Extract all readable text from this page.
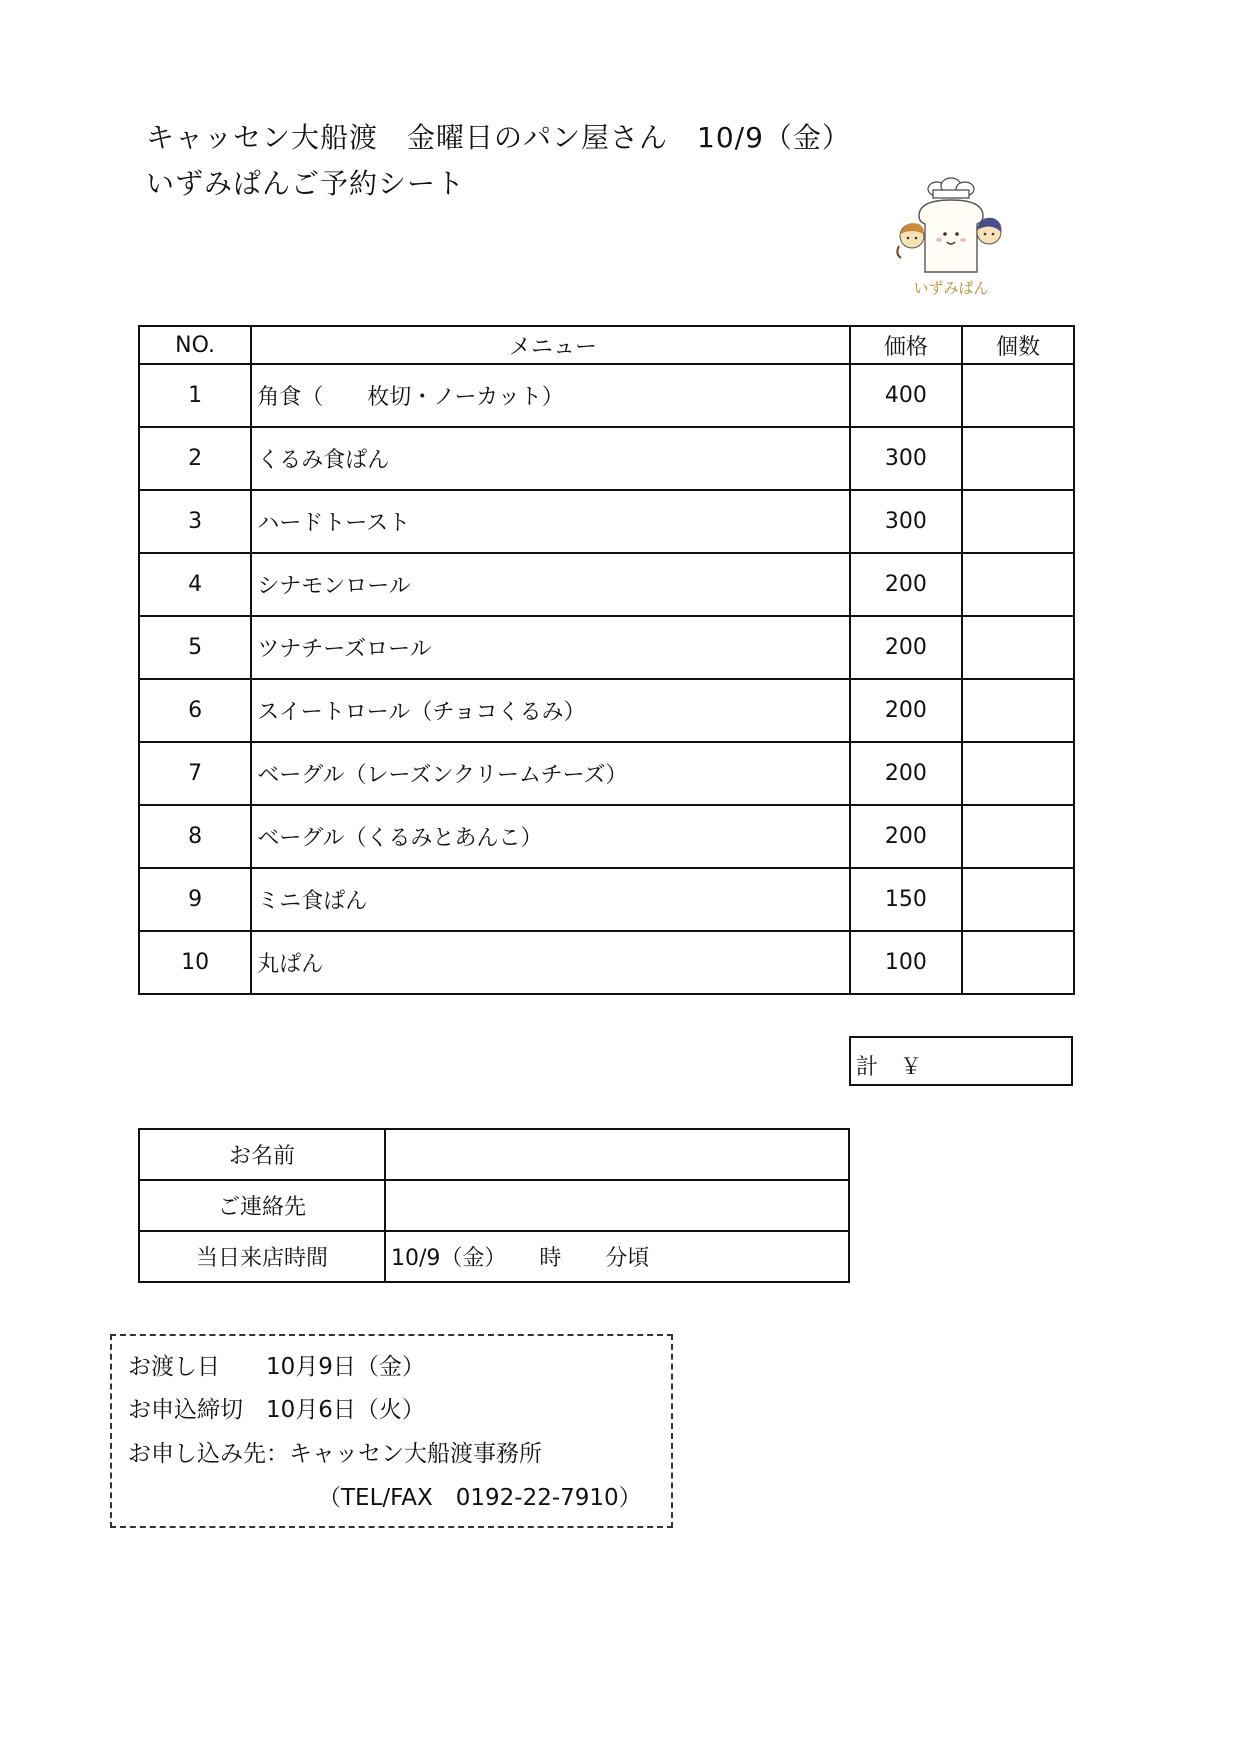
キャッセン大船渡　金曜日のパン屋さん　10/9（金）
いずみぱんご予約シート
いずみぱん
NO.	メニュー	価格	個数
1	角食（　　枚切・ノーカット）	400	
2	くるみ食ぱん	300	
3	ハードトースト	300	
4	シナモンロール	200	
5	ツナチーズロール	200	
6	スイートロール（チョコくるみ）	200	
7	ベーグル（レーズンクリームチーズ）	200	
8	ベーグル（くるみとあんこ）	200	
9	ミニ食ぱん	150	
10	丸ぱん	100	
計　￥
お名前	
ご連絡先	
当日来店時間	10/9（金）　　時　　分頃
お渡し日　　10月9日（金）
お申込締切　10月6日（火）
お申し込み先：キャッセン大船渡事務所
（TEL/FAX　0192-22-7910）
